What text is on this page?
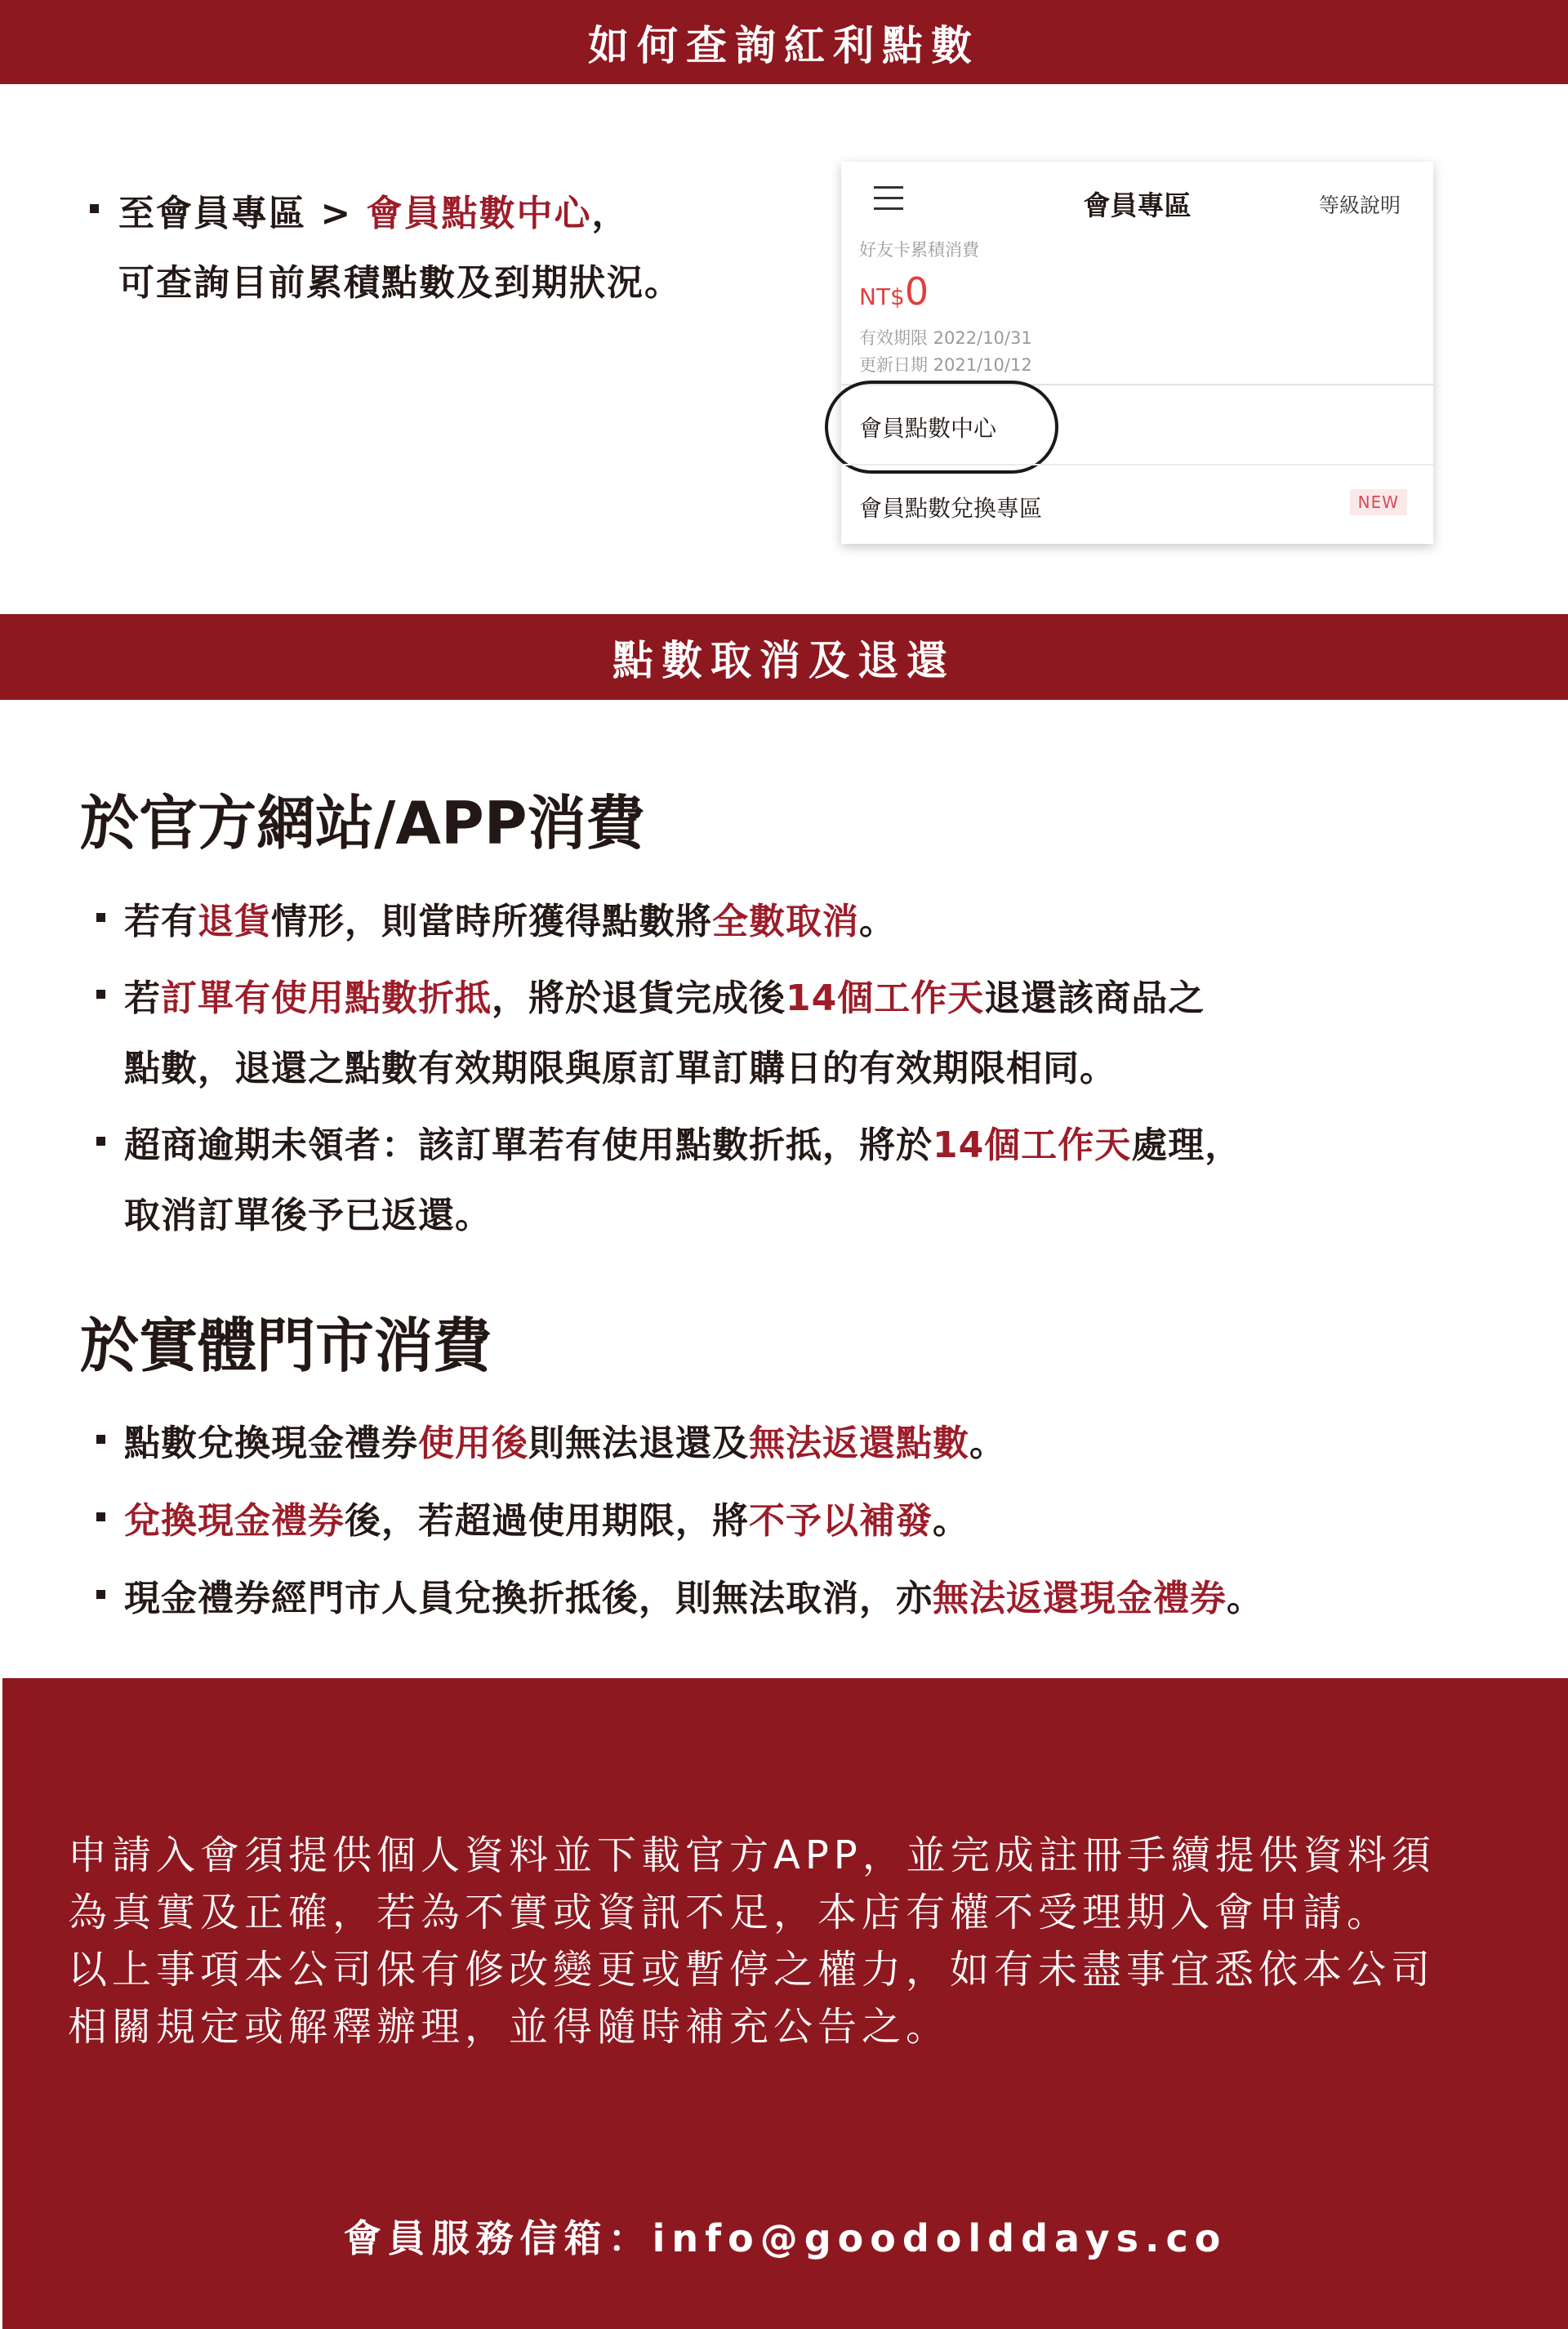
如何查詢紅利點數
至會員專區 > 會員點數中心，
可查詢目前累積點數及到期狀況。
會員專區	等級說明
好友卡累積消費
NT$0
有效期限 2022/10/31
更新日期 2021/10/12
會員點數中心
會員點數兌換專區	NEW
點數取消及退還
於官方網站/APP消費
若有退貨情形，則當時所獲得點數將全數取消。
若訂單有使用點數折抵，將於退貨完成後14個工作天退還該商品之
點數，退還之點數有效期限與原訂單訂購日的有效期限相同。
超商逾期未領者：該訂單若有使用點數折抵，將於14個工作天處理，
取消訂單後予已返還。
於實體門市消費
點數兌換現金禮券使用後則無法退還及無法返還點數。
兌換現金禮券後，若超過使用期限，將不予以補發。
現金禮券經門市人員兌換折抵後，則無法取消，亦無法返還現金禮券。
申請入會須提供個人資料並下載官方APP，並完成註冊手續提供資料須
為真實及正確，若為不實或資訊不足，本店有權不受理期入會申請。
以上事項本公司保有修改變更或暫停之權力，如有未盡事宜悉依本公司
相關規定或解釋辦理，並得隨時補充公告之。
會員服務信箱：info@goodolddays.co
